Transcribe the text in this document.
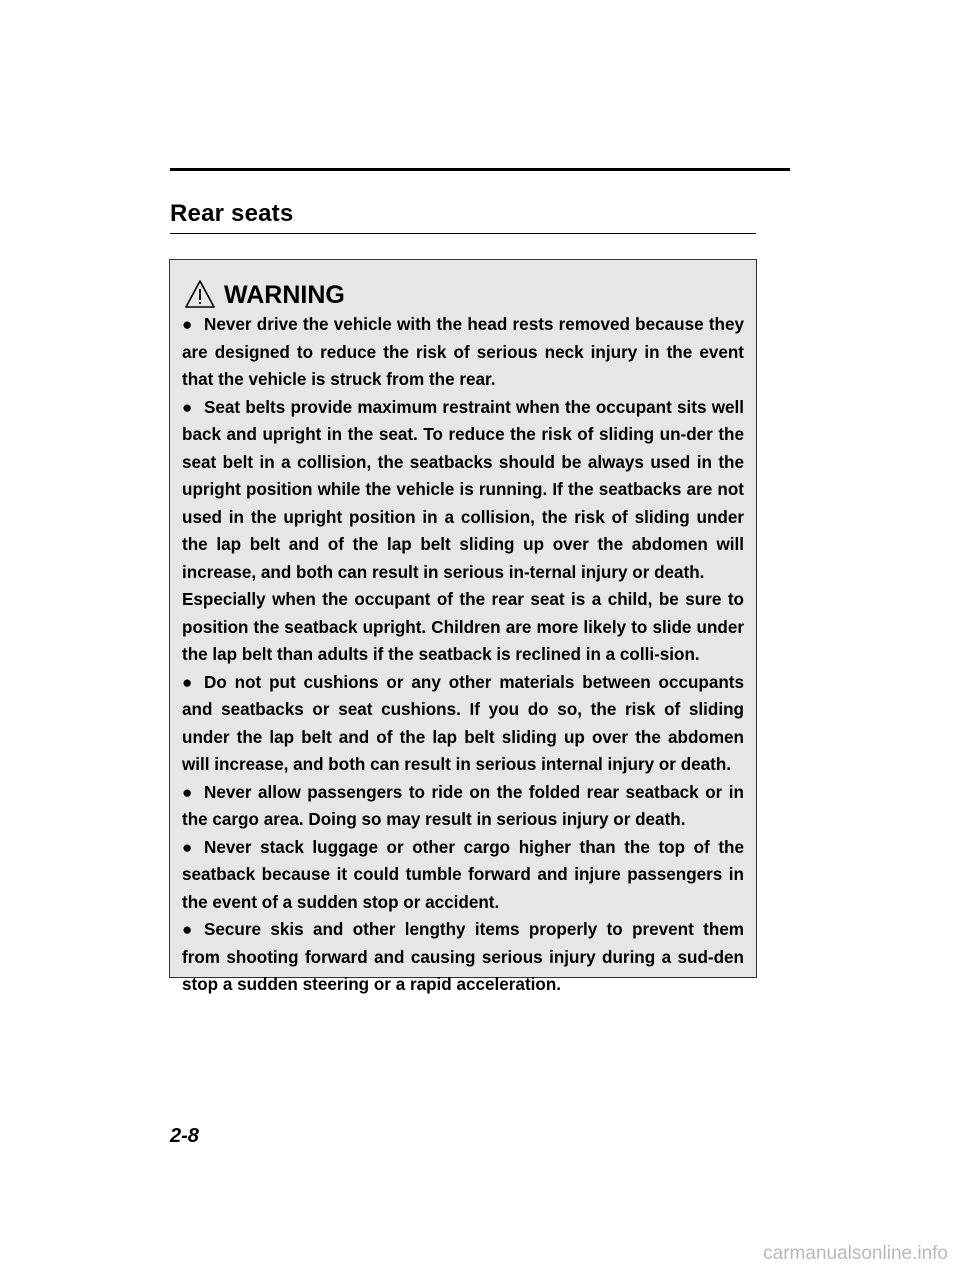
Rear seats
WARNING

● Never drive the vehicle with the head rests removed because they are designed to reduce the risk of serious neck injury in the event that the vehicle is struck from the rear.

● Seat belts provide maximum restraint when the occupant sits well back and upright in the seat. To reduce the risk of sliding un-der the seat belt in a collision, the seatbacks should be always used in the upright position while the vehicle is running. If the seatbacks are not used in the upright position in a collision, the risk of sliding under the lap belt and of the lap belt sliding up over the abdomen will increase, and both can result in serious in-ternal injury or death.

Especially when the occupant of the rear seat is a child, be sure to position the seatback upright. Children are more likely to slide under the lap belt than adults if the seatback is reclined in a colli-sion.

● Do not put cushions or any other materials between occupants and seatbacks or seat cushions. If you do so, the risk of sliding under the lap belt and of the lap belt sliding up over the abdomen will increase, and both can result in serious internal injury or death.

● Never allow passengers to ride on the folded rear seatback or in the cargo area. Doing so may result in serious injury or death.

● Never stack luggage or other cargo higher than the top of the seatback because it could tumble forward and injure passengers in the event of a sudden stop or accident.

● Secure skis and other lengthy items properly to prevent them from shooting forward and causing serious injury during a sud-den stop a sudden steering or a rapid acceleration.

2-8
carmanualsonline.info
